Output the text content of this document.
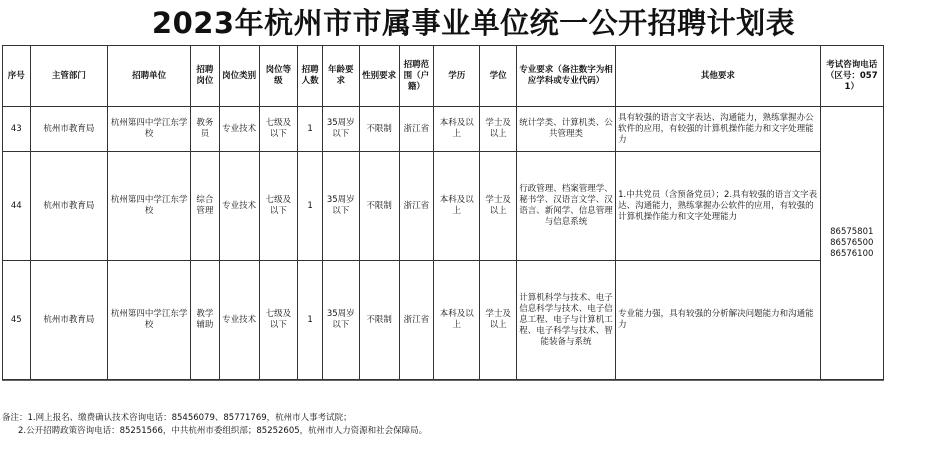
2023年杭州市市属事业单位统一公开招聘计划表
序号	主管部门	招聘单位	招聘岗位	岗位类别	岗位等级	招聘人数	年龄要求	性别要求	招聘范围（户籍）	学历	学位	专业要求（备注数字为相应学科或专业代码）	其他要求	考试咨询电话（区号：0571）
43	杭州市教育局	杭州第四中学江东学校	教务员	专业技术	七级及以下	1	35周岁以下	不限制	浙江省	本科及以上	学士及以上	统计学类、计算机类、公共管理类	具有较强的语言文字表达、沟通能力，熟练掌握办公软件的应用，有较强的计算机操作能力和文字处理能力	86575801
86576500
86576100

44	杭州市教育局	杭州第四中学江东学校	综合管理	专业技术	七级及以下	1	35周岁以下	不限制	浙江省	本科及以上	学士及以上	行政管理、档案管理学、秘书学、汉语言文学、汉语言、新闻学、信息管理与信息系统	1.中共党员（含预备党员）；2.具有较强的语言文字表达、沟通能力，熟练掌握办公软件的应用，有较强的计算机操作能力和文字处理能力	
45	杭州市教育局	杭州第四中学江东学校	教学辅助	专业技术	七级及以下	1	35周岁以下	不限制	浙江省	本科及以上	学士及以上	计算机科学与技术、电子信息科学与技术、电子信息工程、电子与计算机工程、电子科学与技术、智能装备与系统	专业能力强，具有较强的分析解决问题能力和沟通能力	
备注：1.网上报名、缴费确认技术咨询电话：85456079、85771769，杭州市人事考试院；
2.公开招聘政策咨询电话：85251566，中共杭州市委组织部；85252605，杭州市人力资源和社会保障局。
